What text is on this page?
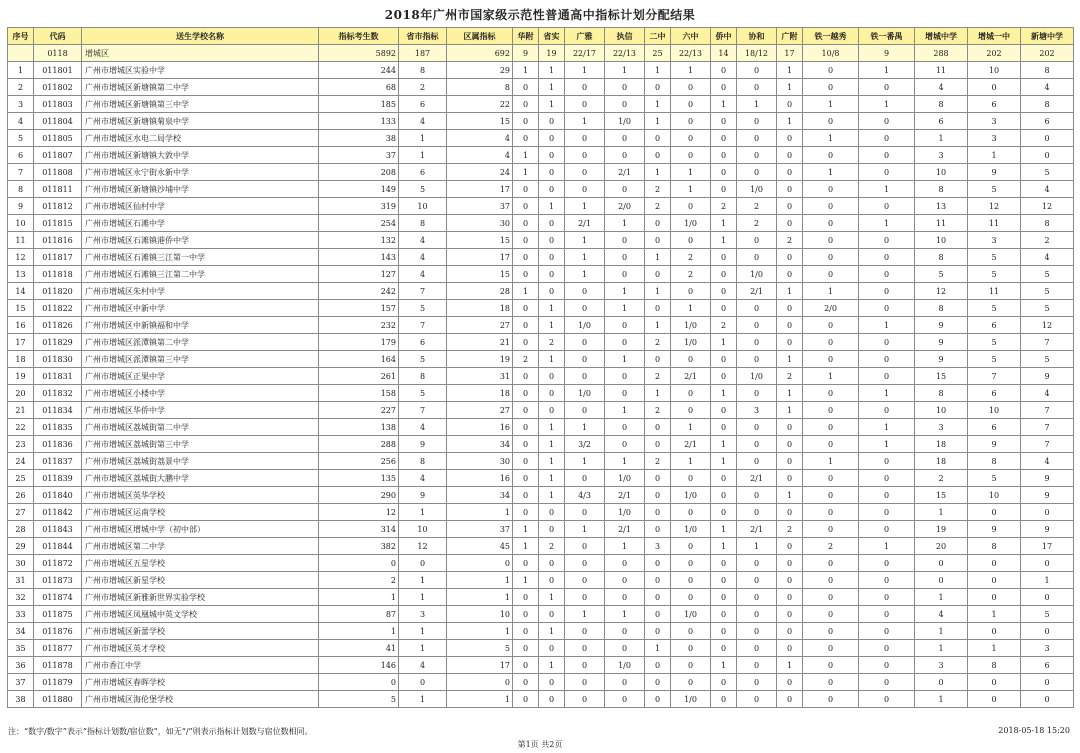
2018年广州市国家级示范性普通高中指标计划分配结果
序号	代码	送生学校名称	指标考生数	省市指标	区属指标	华附	省实	广雅	执信	二中	六中	侨中	协和	广附	铁一越秀	铁一番禺	增城中学	增城一中	新塘中学
	0118	增城区	5892	187	692	9	19	22/17	22/13	25	22/13	14	18/12	17	10/8	9	288	202	202
1	011801	广州市增城区实验中学	244	8	29	1	1	1	1	1	1	0	0	1	0	1	11	10	8
2	011802	广州市增城区新塘镇第二中学	68	2	8	0	1	0	0	0	0	0	0	1	0	0	4	0	4
3	011803	广州市增城区新塘镇第三中学	185	6	22	0	1	0	0	1	0	1	1	0	1	1	8	6	8
4	011804	广州市增城区新塘镇菊泉中学	133	4	15	0	0	1	1/0	1	0	0	0	1	0	0	6	3	6
5	011805	广州市增城区水电二局学校	38	1	4	0	0	0	0	0	0	0	0	0	1	0	1	3	0
6	011807	广州市增城区新塘镇大敦中学	37	1	4	1	0	0	0	0	0	0	0	0	0	0	3	1	0
7	011808	广州市增城区永宁街永新中学	208	6	24	1	0	0	2/1	1	1	0	0	0	1	0	10	9	5
8	011811	广州市增城区新塘镇沙埔中学	149	5	17	0	0	0	0	2	1	0	1/0	0	0	1	8	5	4
9	011812	广州市增城区仙村中学	319	10	37	0	1	1	2/0	2	0	2	2	0	0	0	13	12	12
10	011815	广州市增城区石滩中学	254	8	30	0	0	2/1	1	0	1/0	1	2	0	0	1	11	11	8
11	011816	广州市增城区石滩镇港侨中学	132	4	15	0	0	1	0	0	0	1	0	2	0	0	10	3	2
12	011817	广州市增城区石滩镇三江第一中学	143	4	17	0	0	1	0	1	2	0	0	0	0	0	8	5	4
13	011818	广州市增城区石滩镇三江第二中学	127	4	15	0	0	1	0	0	2	0	1/0	0	0	0	5	5	5
14	011820	广州市增城区朱村中学	242	7	28	1	0	0	1	1	0	0	2/1	1	1	0	12	11	5
15	011822	广州市增城区中新中学	157	5	18	0	1	0	1	0	1	0	0	0	2/0	0	8	5	5
16	011826	广州市增城区中新镇福和中学	232	7	27	0	1	1/0	0	1	1/0	2	0	0	0	1	9	6	12
17	011829	广州市增城区派潭镇第二中学	179	6	21	0	2	0	0	2	1/0	1	0	0	0	0	9	5	7
18	011830	广州市增城区派潭镇第三中学	164	5	19	2	1	0	1	0	0	0	0	1	0	0	9	5	5
19	011831	广州市增城区正果中学	261	8	31	0	0	0	0	2	2/1	0	1/0	2	1	0	15	7	9
20	011832	广州市增城区小楼中学	158	5	18	0	0	1/0	0	1	0	1	0	1	0	1	8	6	4
21	011834	广州市增城区华侨中学	227	7	27	0	0	0	1	2	0	0	3	1	0	0	10	10	7
22	011835	广州市增城区荔城街第二中学	138	4	16	0	1	1	0	0	1	0	0	0	0	1	3	6	7
23	011836	广州市增城区荔城街第三中学	288	9	34	0	1	3/2	0	0	2/1	1	0	0	0	1	18	9	7
24	011837	广州市增城区荔城街荔景中学	256	8	30	0	1	1	1	2	1	1	0	0	1	0	18	8	4
25	011839	广州市增城区荔城街大鹏中学	135	4	16	0	1	0	1/0	0	0	0	2/1	0	0	0	2	5	9
26	011840	广州市增城区英华学校	290	9	34	0	1	4/3	2/1	0	1/0	0	0	1	0	0	15	10	9
27	011842	广州市增城区运南学校	12	1	1	0	0	0	1/0	0	0	0	0	0	0	0	1	0	0
28	011843	广州市增城区增城中学（初中部）	314	10	37	1	0	1	2/1	0	1/0	1	2/1	2	0	0	19	9	9
29	011844	广州市增城区第二中学	382	12	45	1	2	0	1	3	0	1	1	0	2	1	20	8	17
30	011872	广州市增城区五星学校	0	0	0	0	0	0	0	0	0	0	0	0	0	0	0	0	0
31	011873	广州市增城区新星学校	2	1	1	1	0	0	0	0	0	0	0	0	0	0	0	0	1
32	011874	广州市增城区新雅新世界实验学校	1	1	1	0	1	0	0	0	0	0	0	0	0	0	1	0	0
33	011875	广州市增城区凤凰城中英文学校	87	3	10	0	0	1	1	0	1/0	0	0	0	0	0	4	1	5
34	011876	广州市增城区新蕾学校	1	1	1	0	1	0	0	0	0	0	0	0	0	0	1	0	0
35	011877	广州市增城区英才学校	41	1	5	0	0	0	0	1	0	0	0	0	0	0	1	1	3
36	011878	广州市香江中学	146	4	17	0	1	0	1/0	0	0	1	0	1	0	0	3	8	6
37	011879	广州市增城区春晖学校	0	0	0	0	0	0	0	0	0	0	0	0	0	0	0	0	0
38	011880	广州市增城区海伦堡学校	5	1	1	0	0	0	0	0	1/0	0	0	0	0	0	1	0	0
注：“数字/数字”表示“指标计划数/宿位数”，如无“/”则表示指标计划数与宿位数相同。	2018-05-18 15:20
第1页 共2页
